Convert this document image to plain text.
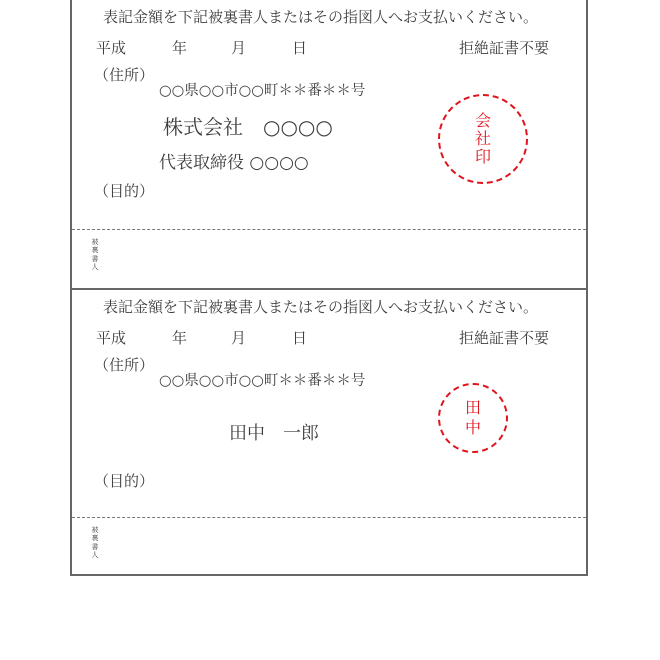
表記金額を下記被裏書人またはその指図人へお支払いください。
平成	年	月	日	拒絶証書不要
（住所）
○○県○○市○○町＊＊番＊＊号
株式会社　○○○○
代表取締役 ○○○○
（目的）
会
社
印
被
裏
書
人
表記金額を下記被裏書人またはその指図人へお支払いください。
平成	年	月	日	拒絶証書不要
（住所）
○○県○○市○○町＊＊番＊＊号
田中　一郎
（目的）
田
中
被
裏
書
人
